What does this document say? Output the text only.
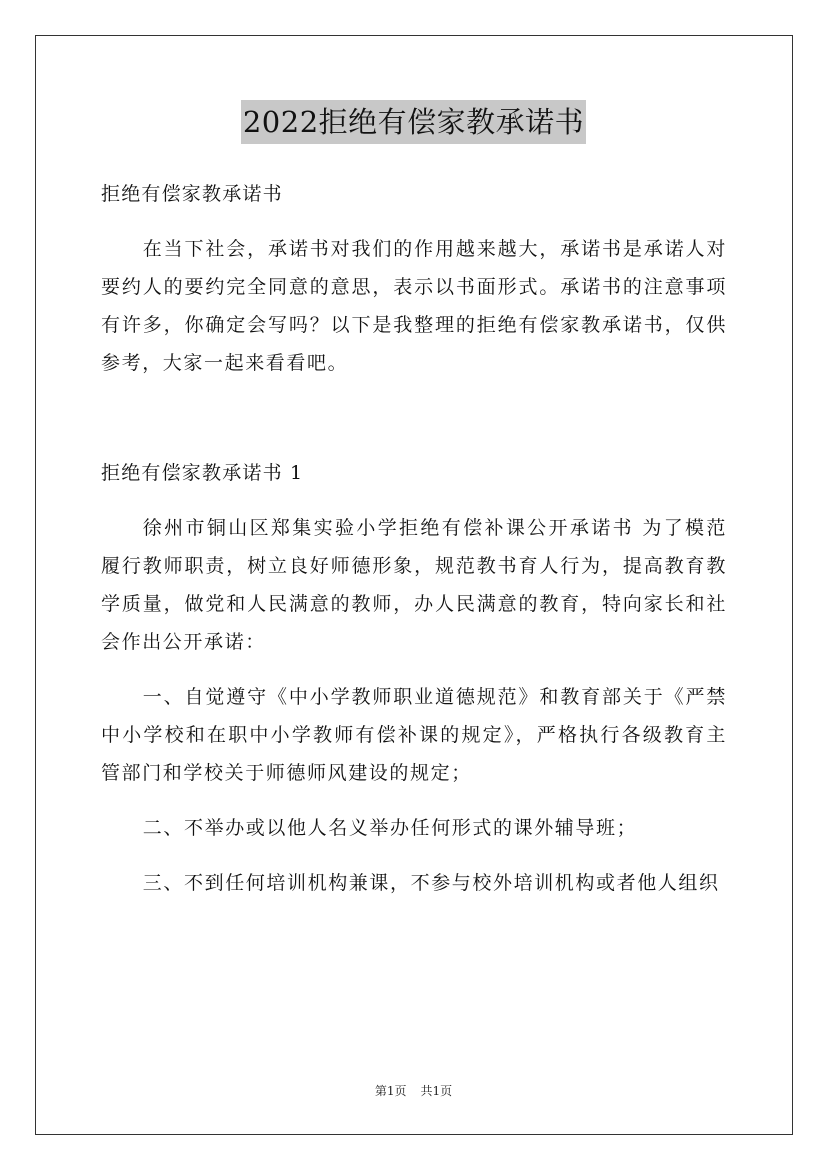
2022拒绝有偿家教承诺书
拒绝有偿家教承诺书

在当下社会，承诺书对我们的作用越来越大，承诺书是承诺人对要约人的要约完全同意的意思，表示以书面形式。承诺书的注意事项有许多，你确定会写吗？以下是我整理的拒绝有偿家教承诺书，仅供参考，大家一起来看看吧。

拒绝有偿家教承诺书 1

徐州市铜山区郑集实验小学拒绝有偿补课公开承诺书 为了模范履行教师职责，树立良好师德形象，规范教书育人行为，提高教育教学质量，做党和人民满意的教师，办人民满意的教育，特向家长和社会作出公开承诺：

一、自觉遵守《中小学教师职业道德规范》和教育部关于《严禁中小学校和在职中小学教师有偿补课的规定》，严格执行各级教育主管部门和学校关于师德师风建设的规定；

二、不举办或以他人名义举办任何形式的课外辅导班；

三、不到任何培训机构兼课，不参与校外培训机构或者他人组织

第1页 共1页
